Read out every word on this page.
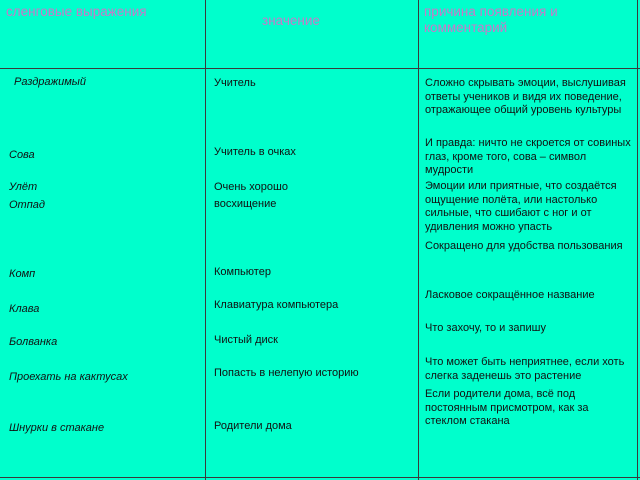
сленговые выражения
значение
причина появления и комментарий
Раздражимый
Сова
Улёт
Отпад
Комп
Клава
Болванка
Проехать на кактусах
Шнурки в стакане
Учитель
Учитель в очках
Очень хорошо
восхищение
Компьютер
Клавиатура компьютера
Чистый диск
Попасть в нелепую историю
Родители дома
Сложно скрывать эмоции, выслушивая ответы учеников и видя их поведение, отражающее общий уровень культуры
И правда: ничто не скроется от совиных глаз, кроме того, сова – символ мудрости
Эмоции или приятные, что создаётся ощущение полёта, или настолько сильные, что сшибают с ног и от удивления можно упасть
Сокращено для удобства пользования
Ласковое сокращённое название
Что захочу, то и запишу
Что может быть неприятнее, если хоть слегка заденешь это растение
Если родители дома, всё под постоянным присмотром, как за стеклом стакана
